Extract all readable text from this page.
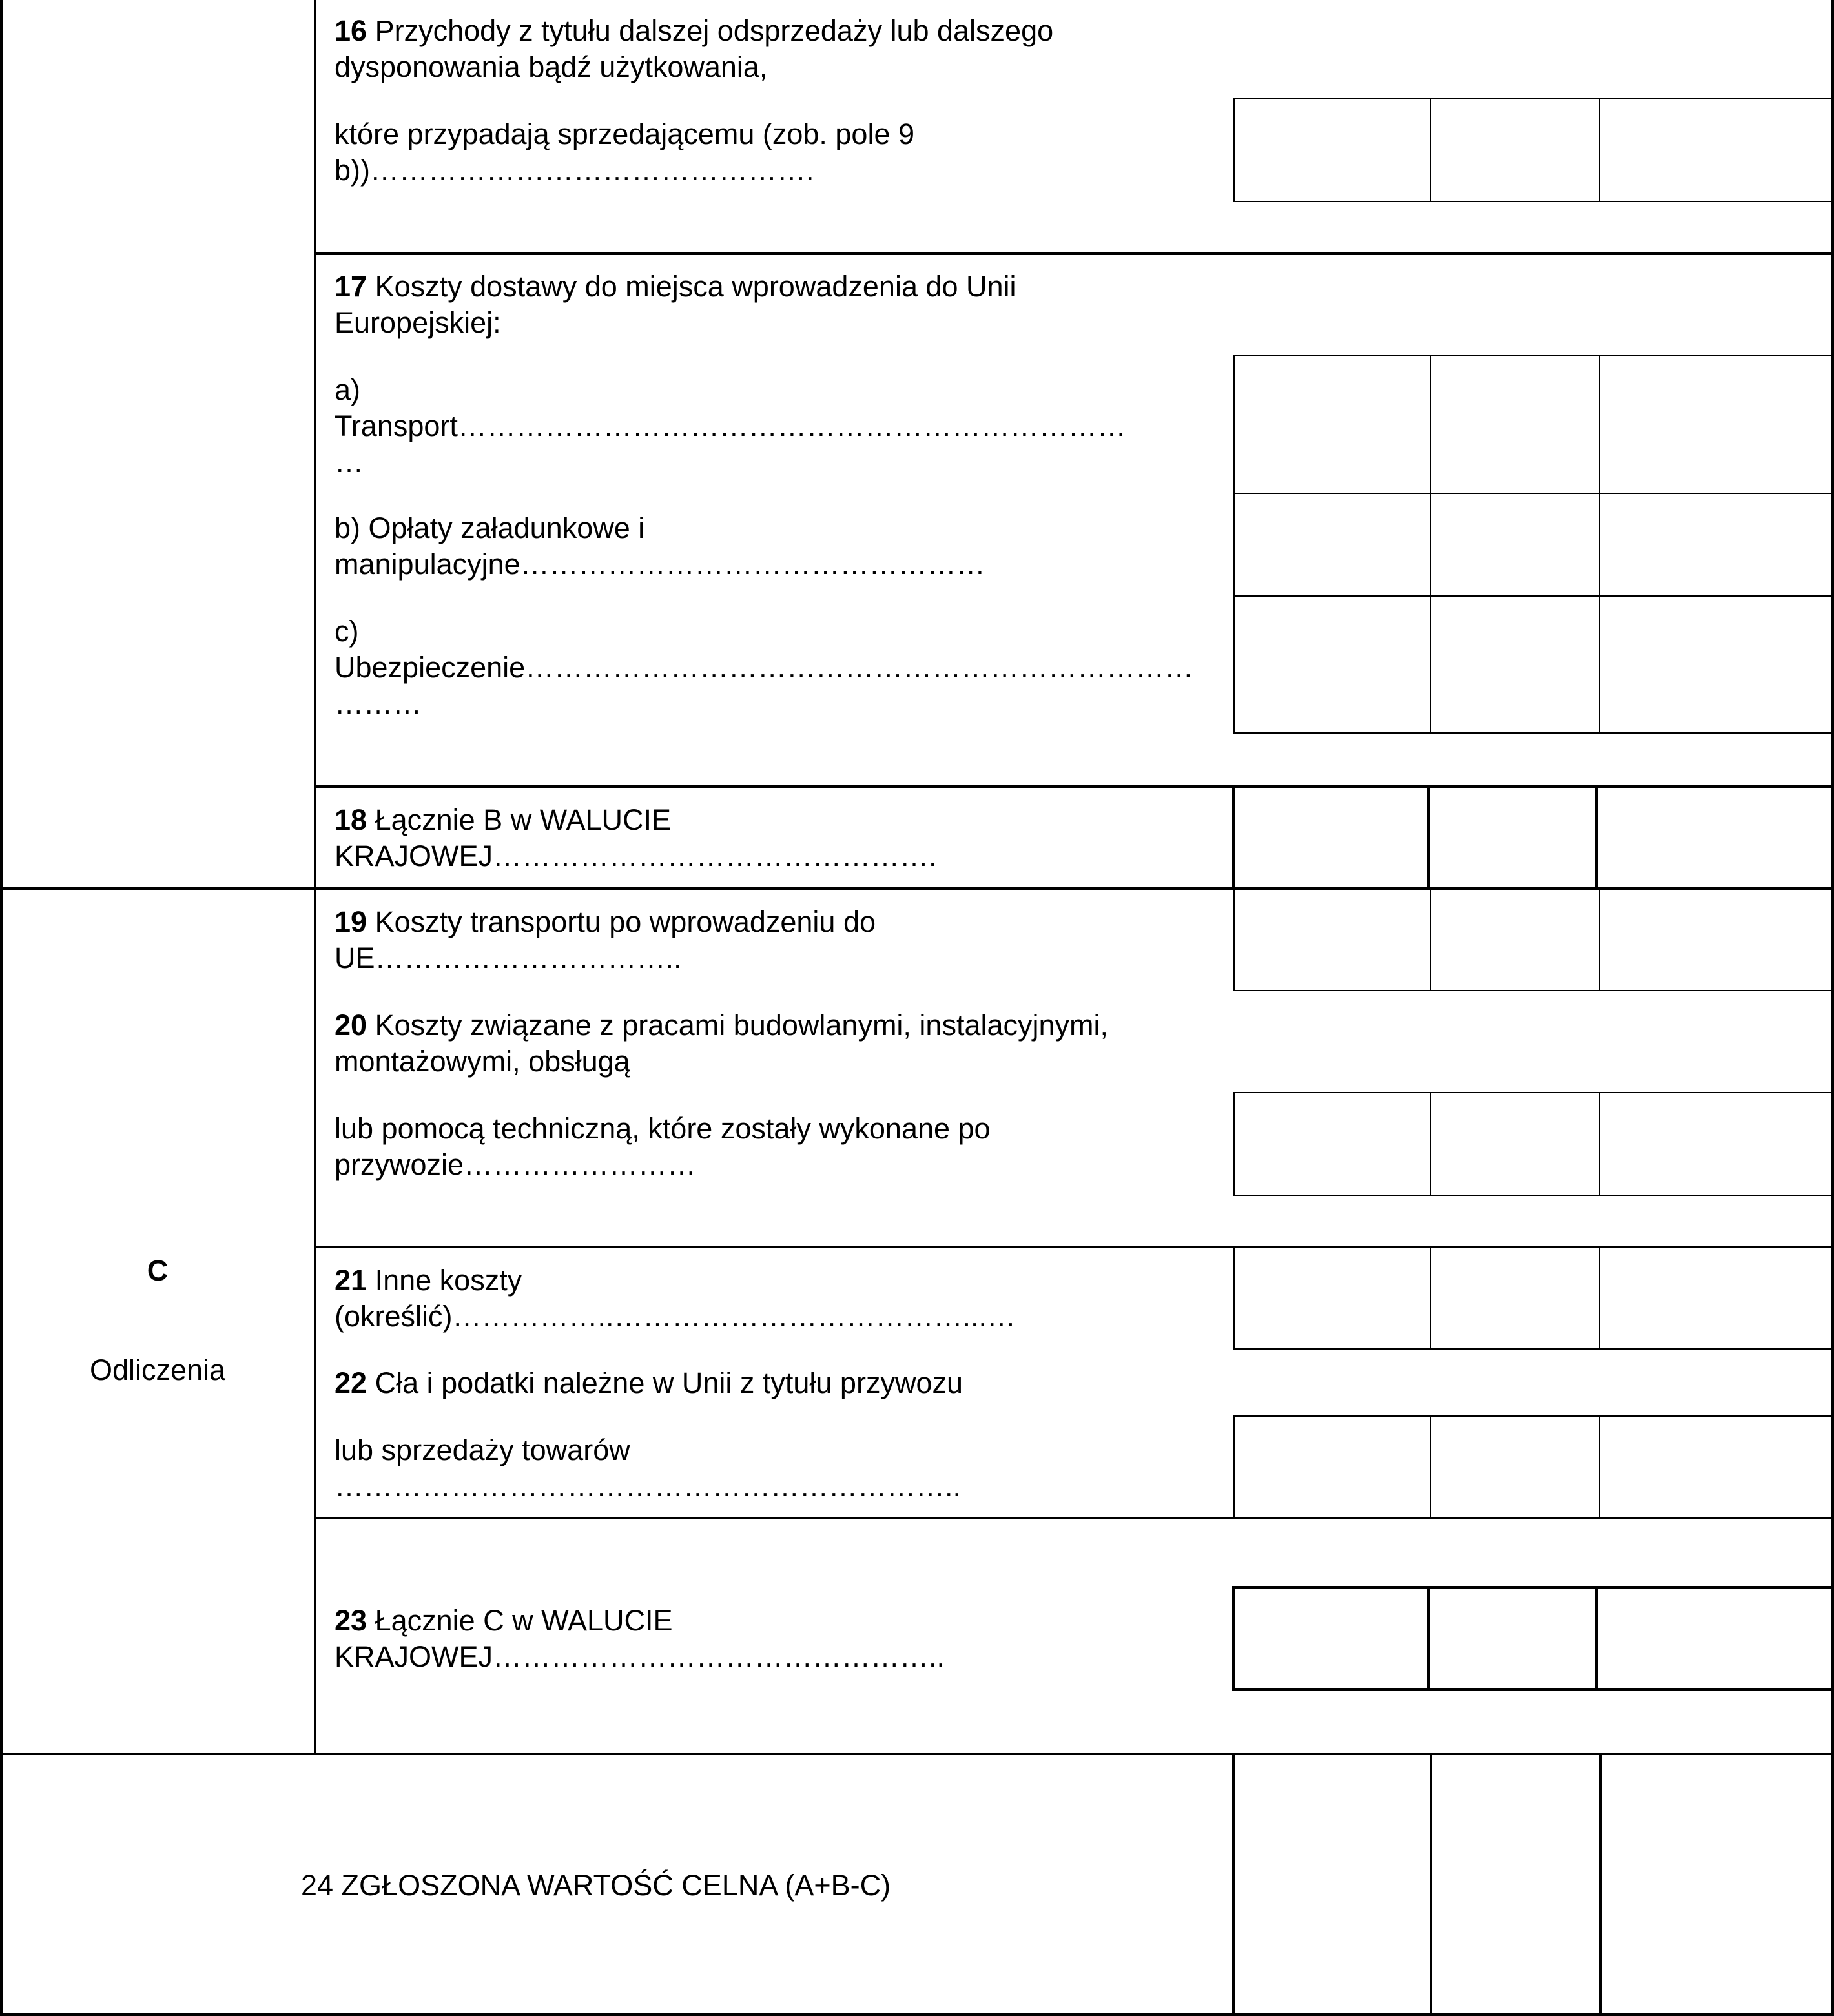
16 Przychody z tytułu dalszej odsprzedaży lub dalszego
dysponowania bądź użytkowania,
które przypadają sprzedającemu (zob. pole 9
b))……………………………………….
17 Koszty dostawy do miejsca wprowadzenia do Unii
Europejskiej:
a)
Transport……………………………………………………………
…
b) Opłaty załadunkowe i
manipulacyjne…………………………………………
c)
Ubezpieczenie……………………………………………………………
………
18 Łącznie B w WALUCIE
KRAJOWEJ……………………………………….
C
Odliczenia
19 Koszty transportu po wprowadzeniu do
UE…………………………..
20 Koszty związane z pracami budowlanymi, instalacyjnymi,
montażowymi, obsługą
lub pomocą techniczną, które zostały wykonane po
przywozie……………………
21 Inne koszty
(określić)……………..………………………………...…
22 Cła i podatki należne w Unii z tytułu przywozu
lub sprzedaży towarów
………………………………………………………..
23 Łącznie C w WALUCIE
KRAJOWEJ………………………………………..
24 ZGŁOSZONA WARTOŚĆ CELNA (A+B-C)
